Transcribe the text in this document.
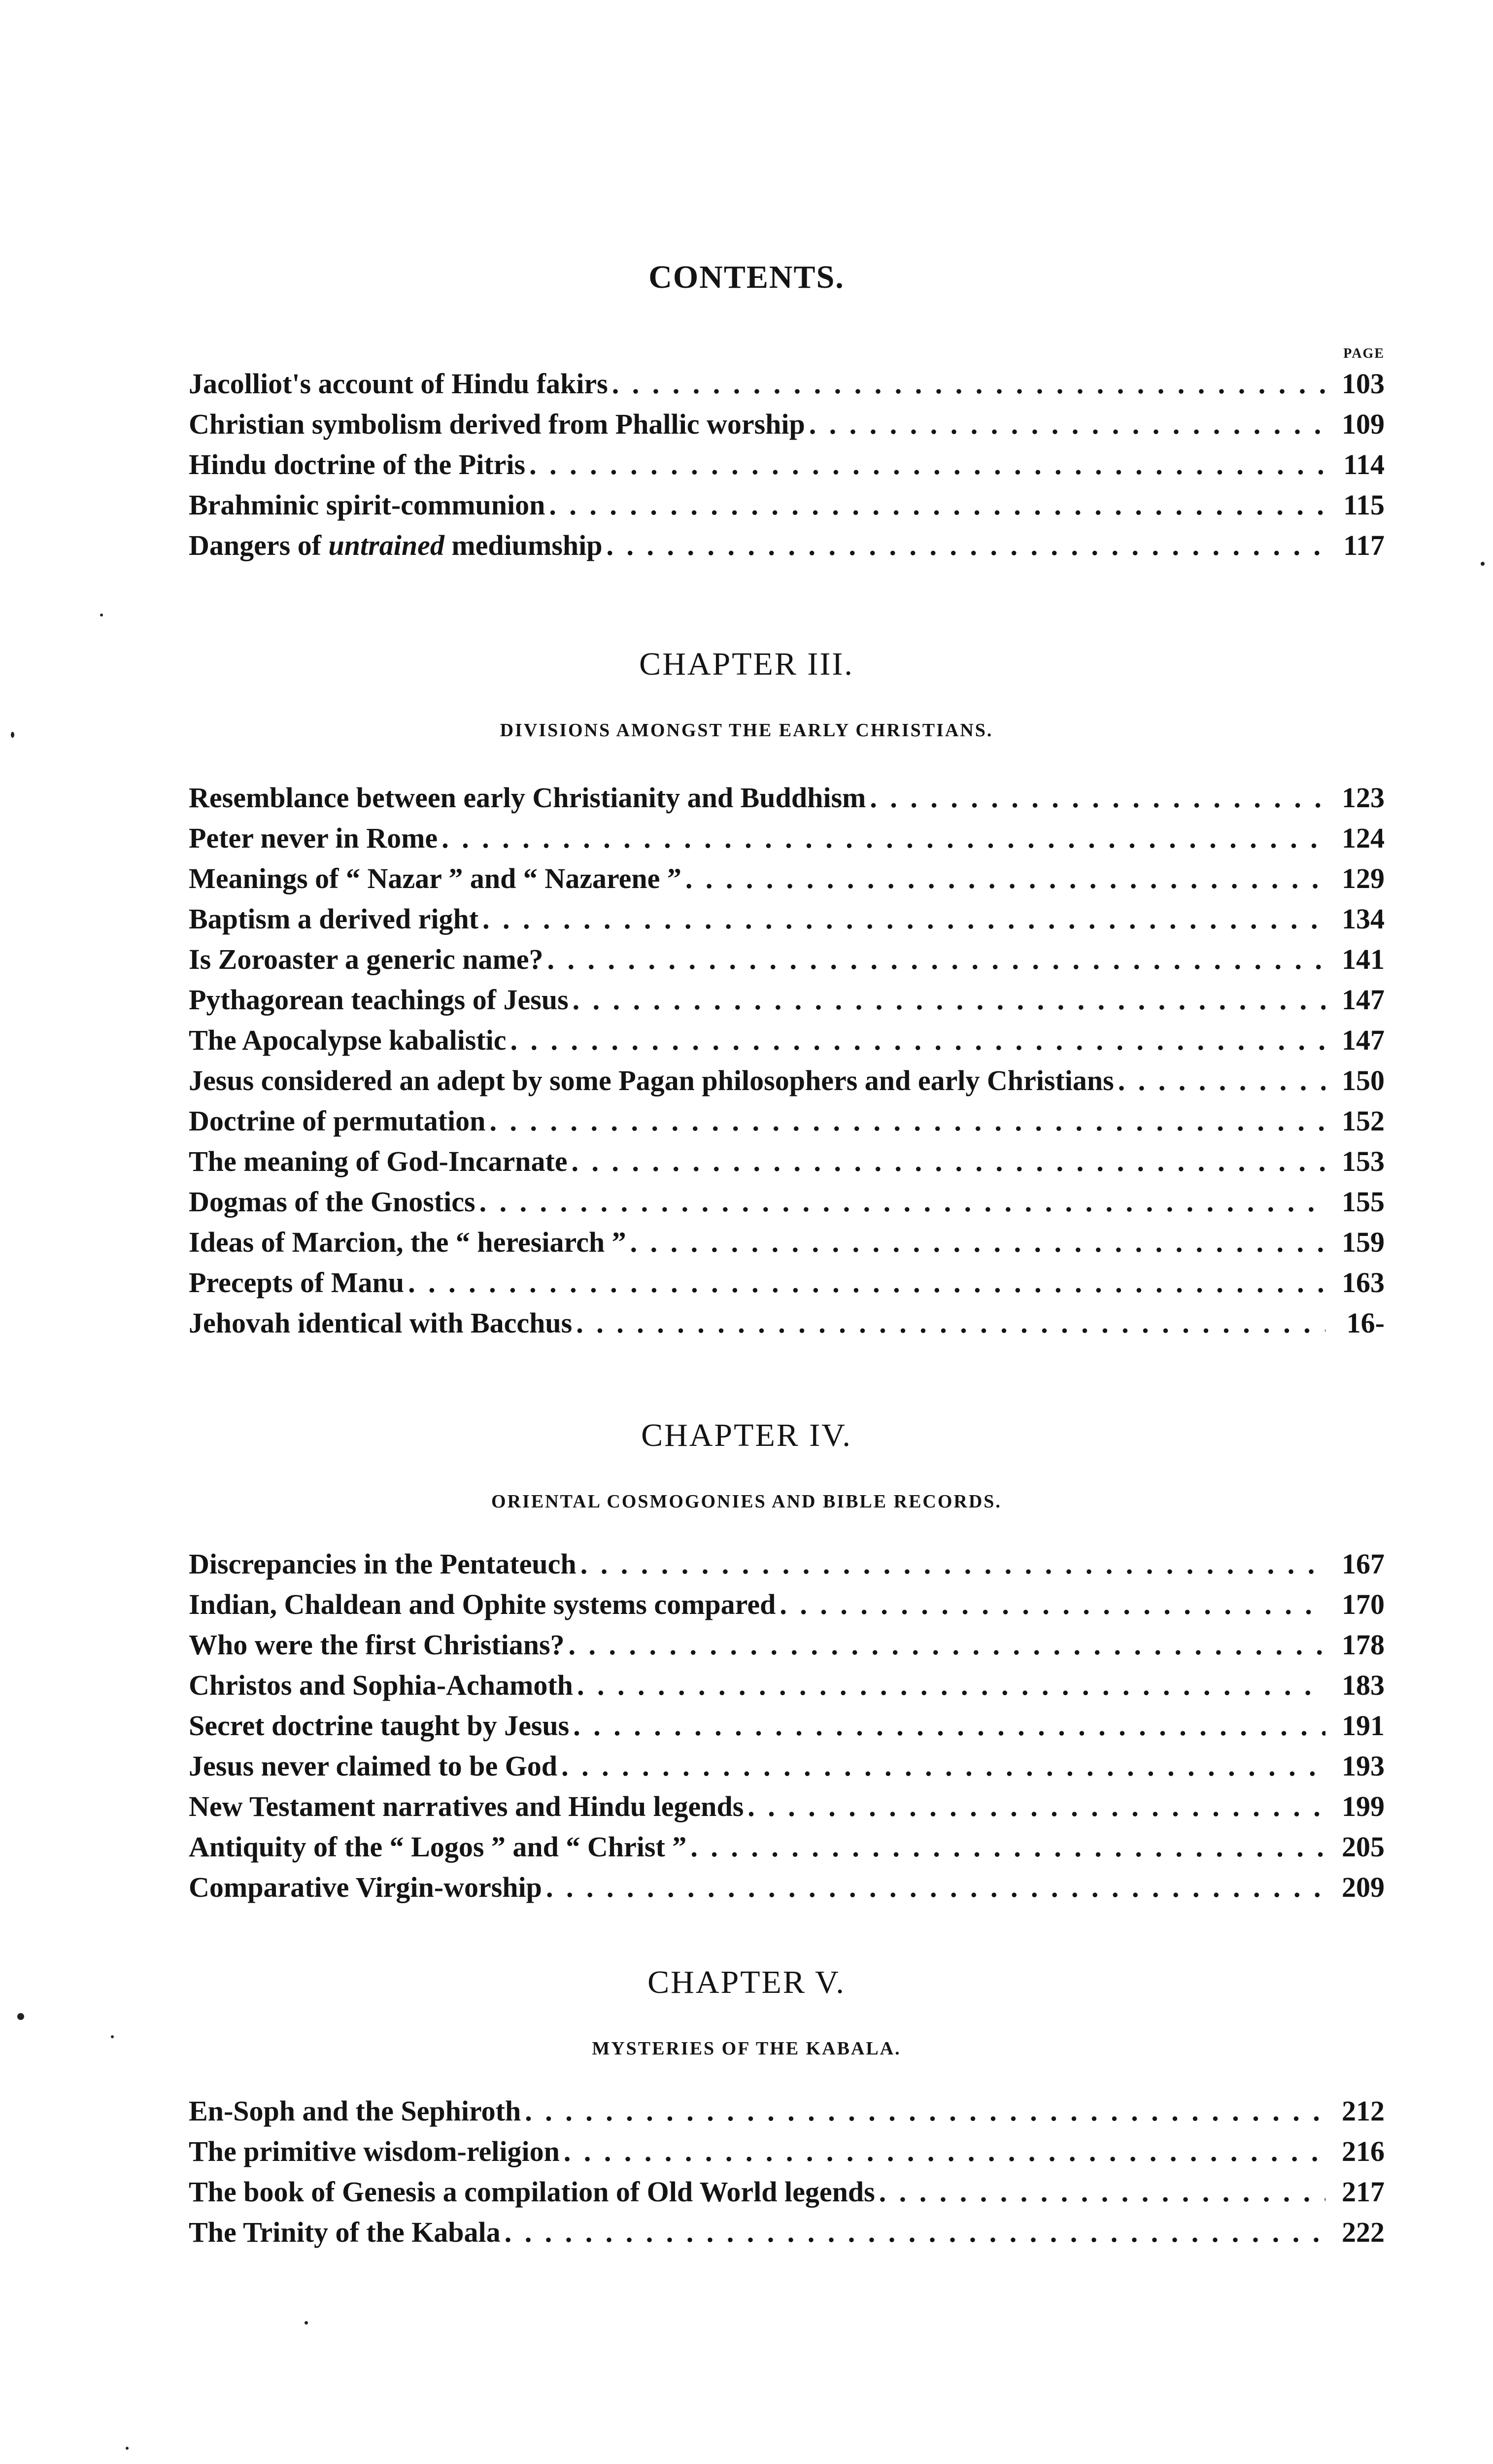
CONTENTS.
PAGE
Jacolliot's account of Hindu fakirs . . .	103
Christian symbolism derived from Phallic worship . . .	109
Hindu doctrine of the Pitris . . .	114
Brahminic spirit-communion . . .	115
Dangers of untrained mediumship . . .	117
CHAPTER III.
DIVISIONS AMONGST THE EARLY CHRISTIANS.
Resemblance between early Christianity and Buddhism . . .	123
Peter never in Rome . . .	124
Meanings of “ Nazar ” and “ Nazarene ” . . .	129
Baptism a derived right . . .	134
Is Zoroaster a generic name? . . .	141
Pythagorean teachings of Jesus . . .	147
The Apocalypse kabalistic . . .	147
Jesus considered an adept by some Pagan philosophers and early Christians . . .	150
Doctrine of permutation . . .	152
The meaning of God-Incarnate . . .	153
Dogmas of the Gnostics . . .	155
Ideas of Marcion, the “ heresiarch ” . . .	159
Precepts of Manu . . .	163
Jehovah identical with Bacchus . . .	16-
CHAPTER IV.
ORIENTAL COSMOGONIES AND BIBLE RECORDS.
Discrepancies in the Pentateuch . . .	167
Indian, Chaldean and Ophite systems compared . . .	170
Who were the first Christians? . . .	178
Christos and Sophia-Achamoth . . .	183
Secret doctrine taught by Jesus . . .	191
Jesus never claimed to be God . . .	193
New Testament narratives and Hindu legends . . .	199
Antiquity of the “ Logos ” and “ Christ ” . . .	205
Comparative Virgin-worship . . .	209
CHAPTER V.
MYSTERIES OF THE KABALA.
En-Soph and the Sephiroth . . .	212
The primitive wisdom-religion . . .	216
The book of Genesis a compilation of Old World legends . . .	217
The Trinity of the Kabala . . .	222
